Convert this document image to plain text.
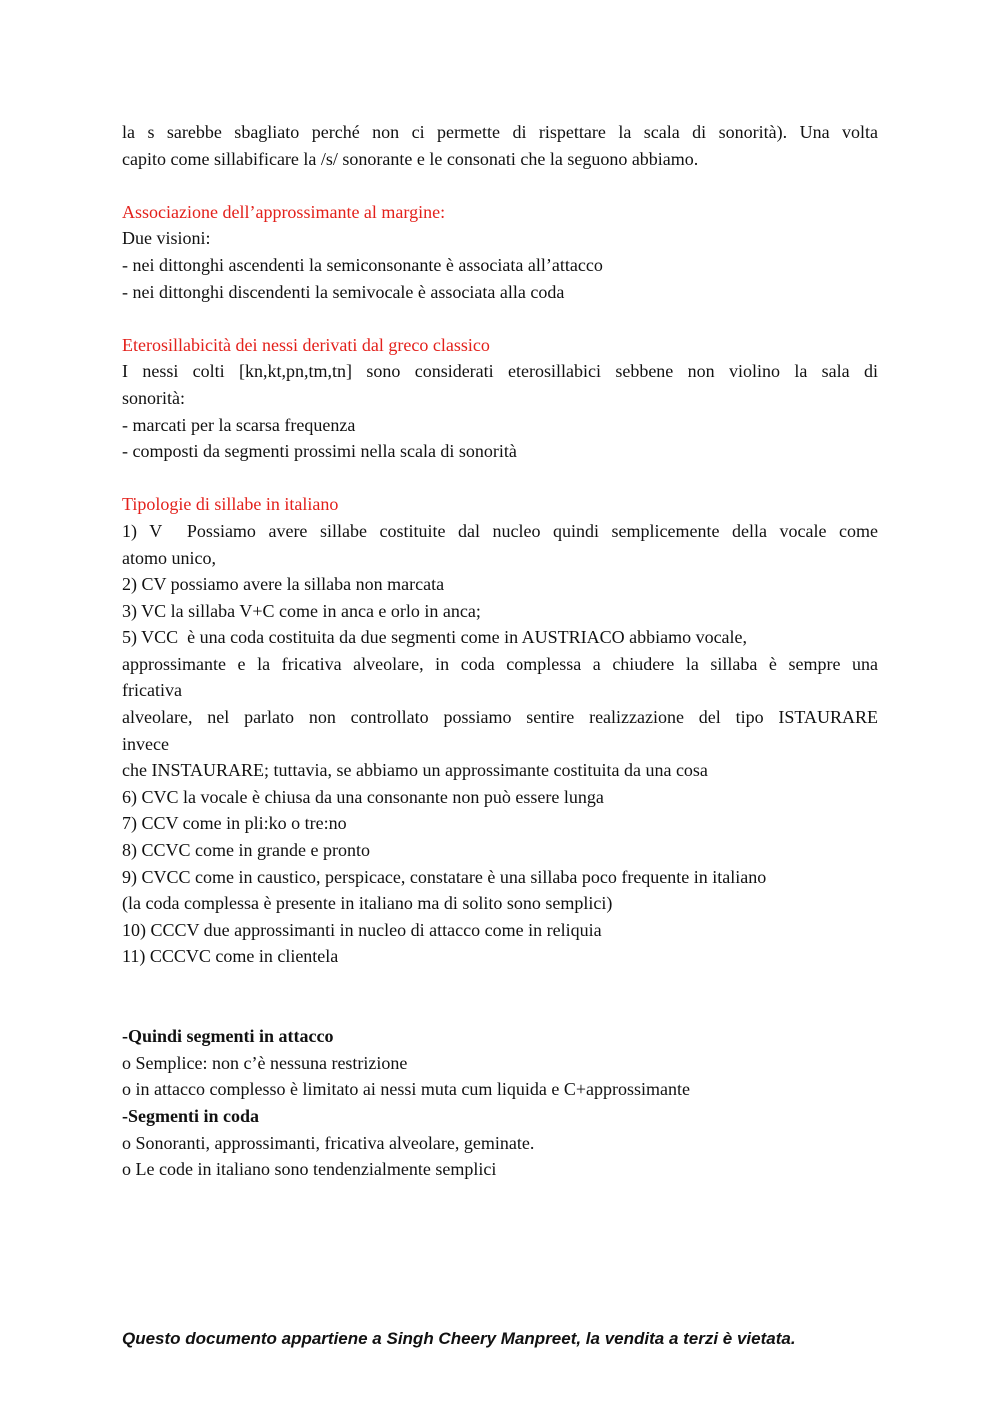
la s sarebbe sbagliato perché non ci permette di rispettare la scala di sonorità). Una volta
capito come sillabificare la /s/ sonorante e le consonati che la seguono abbiamo.
Associazione dell’approssimante al margine:
Due visioni:
- nei dittonghi ascendenti la semiconsonante è associata all’attacco
- nei dittonghi discendenti la semivocale è associata alla coda
Eterosillabicità dei nessi derivati dal greco classico
I nessi colti [kn,kt,pn,tm,tn] sono considerati eterosillabici sebbene non violino la sala di
sonorità:
- marcati per la scarsa frequenza
- composti da segmenti prossimi nella scala di sonorità
Tipologie di sillabe in italiano
1) V  Possiamo avere sillabe costituite dal nucleo quindi semplicemente della vocale come
atomo unico,
2) CV possiamo avere la sillaba non marcata
3) VC la sillaba V+C come in anca e orlo in anca;
5) VCC  è una coda costituita da due segmenti come in AUSTRIACO abbiamo vocale,
approssimante e la fricativa alveolare, in coda complessa a chiudere la sillaba è sempre una
fricativa
alveolare, nel parlato non controllato possiamo sentire realizzazione del tipo ISTAURARE
invece
che INSTAURARE; tuttavia, se abbiamo un approssimante costituita da una cosa
6) CVC la vocale è chiusa da una consonante non può essere lunga
7) CCV come in pli:ko o tre:no
8) CCVC come in grande e pronto
9) CVCC come in caustico, perspicace, constatare è una sillaba poco frequente in italiano
(la coda complessa è presente in italiano ma di solito sono semplici)
10) CCCV due approssimanti in nucleo di attacco come in reliquia
11) CCCVC come in clientela
-Quindi segmenti in attacco
o Semplice: non c’è nessuna restrizione
o in attacco complesso è limitato ai nessi muta cum liquida e C+approssimante
-Segmenti in coda
o Sonoranti, approssimanti, fricativa alveolare, geminate.
o Le code in italiano sono tendenzialmente semplici
Questo documento appartiene a Singh Cheery Manpreet, la vendita a terzi è vietata.
